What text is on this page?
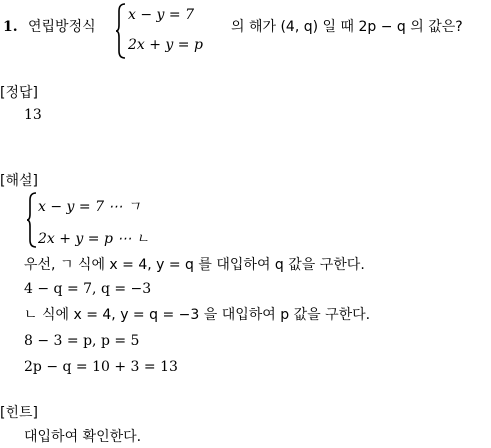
1. 연립방정식
x − y = 7
2x + y = p
의 해가 (4, q) 일 때 2p − q 의 값은?
[정답]
13
[해설]
x − y = 7 ⋯ ㄱ
2x + y = p ⋯ ㄴ
우선, ㄱ 식에 x = 4, y = q 를 대입하여 q 값을 구한다.
4 − q = 7, q = −3
ㄴ 식에 x = 4, y = q = −3 을 대입하여 p 값을 구한다.
8 − 3 = p, p = 5
2p − q = 10 + 3 = 13
[힌트]
대입하여 확인한다.
